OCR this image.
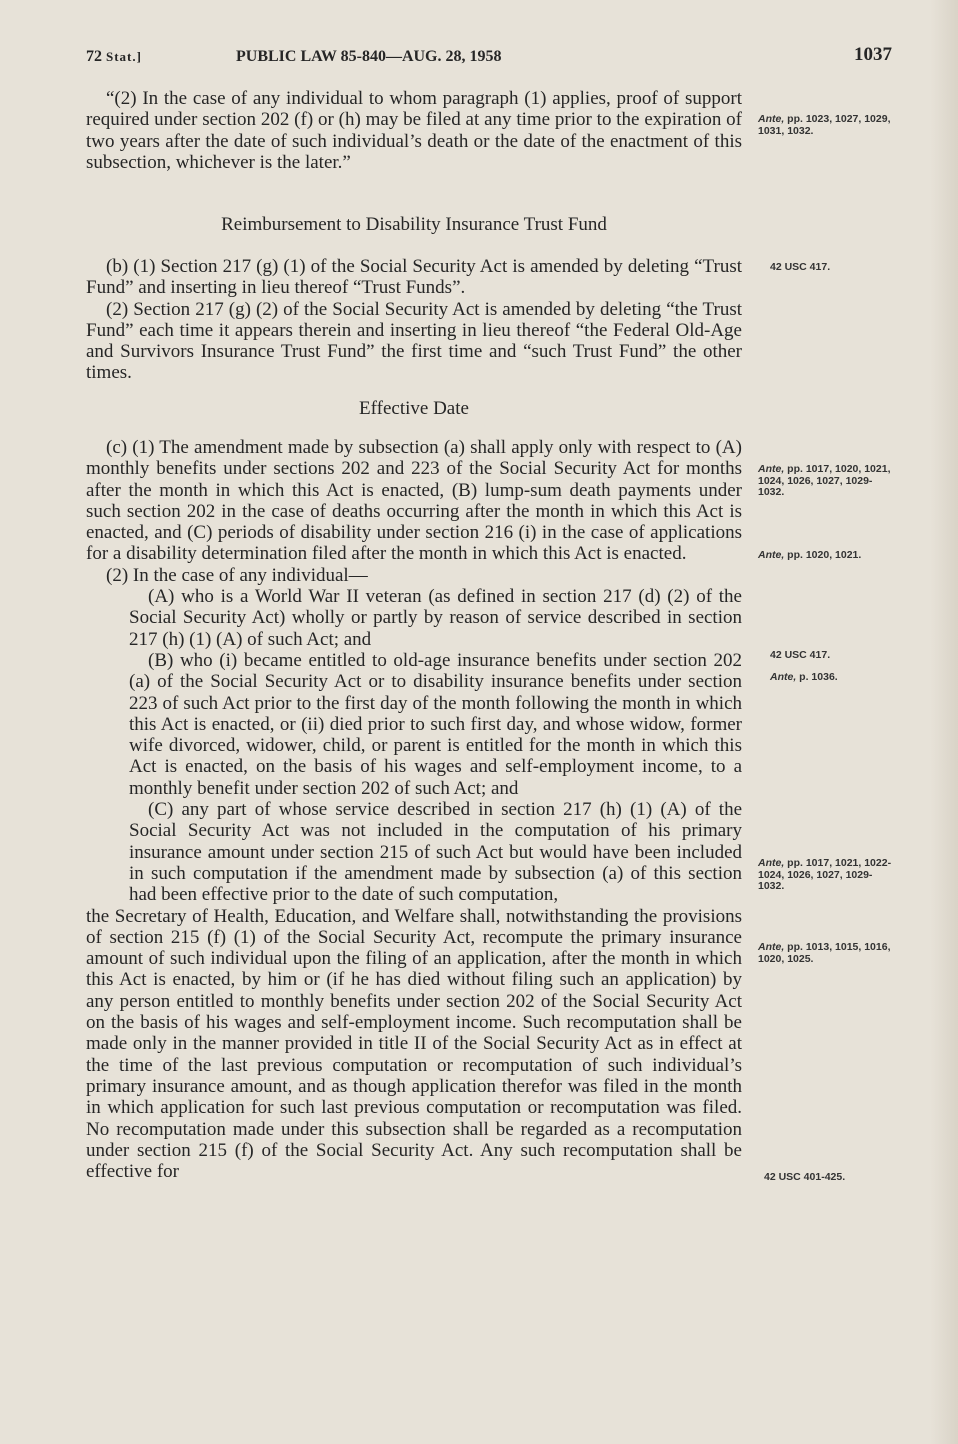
72 Stat.]	PUBLIC LAW 85-840—AUG. 28, 1958	1037

“(2) In the case of any individual to whom paragraph (1) applies, proof of support required under section 202 (f) or (h) may be filed at any time prior to the expiration of two years after the date of such individual’s death or the date of the enactment of this subsection, whichever is the later.”

Reimbursement to Disability Insurance Trust Fund

(b) (1) Section 217 (g) (1) of the Social Security Act is amended by deleting “Trust Fund” and inserting in lieu thereof “Trust Funds”.

(2) Section 217 (g) (2) of the Social Security Act is amended by deleting “the Trust Fund” each time it appears therein and inserting in lieu thereof “the Federal Old-Age and Survivors Insurance Trust Fund” the first time and “such Trust Fund” the other times.

Effective Date

(c) (1) The amendment made by subsection (a) shall apply only with respect to (A) monthly benefits under sections 202 and 223 of the Social Security Act for months after the month in which this Act is enacted, (B) lump-sum death payments under such section 202 in the case of deaths occurring after the month in which this Act is enacted, and (C) periods of disability under section 216 (i) in the case of applications for a disability determination filed after the month in which this Act is enacted.

(2) In the case of any individual—

(A) who is a World War II veteran (as defined in section 217 (d) (2) of the Social Security Act) wholly or partly by reason of service described in section 217 (h) (1) (A) of such Act; and

(B) who (i) became entitled to old-age insurance benefits under section 202 (a) of the Social Security Act or to disability insurance benefits under section 223 of such Act prior to the first day of the month following the month in which this Act is enacted, or (ii) died prior to such first day, and whose widow, former wife divorced, widower, child, or parent is entitled for the month in which this Act is enacted, on the basis of his wages and self-employment income, to a monthly benefit under section 202 of such Act; and

(C) any part of whose service described in section 217 (h) (1) (A) of the Social Security Act was not included in the computation of his primary insurance amount under section 215 of such Act but would have been included in such computation if the amendment made by subsection (a) of this section had been effective prior to the date of such computation,

the Secretary of Health, Education, and Welfare shall, notwithstanding the provisions of section 215 (f) (1) of the Social Security Act, recompute the primary insurance amount of such individual upon the filing of an application, after the month in which this Act is enacted, by him or (if he has died without filing such an application) by any person entitled to monthly benefits under section 202 of the Social Security Act on the basis of his wages and self-employment income. Such recomputation shall be made only in the manner provided in title II of the Social Security Act as in effect at the time of the last previous computation or recomputation of such individual’s primary insurance amount, and as though application therefor was filed in the month in which application for such last previous computation or recomputation was filed. No recomputation made under this subsection shall be regarded as a recomputation under section 215 (f) of the Social Security Act. Any such recomputation shall be effective for

Ante, pp. 1023, 1027, 1029, 1031, 1032.
42 USC 417.
Ante, pp. 1017, 1020, 1021, 1024, 1026, 1027, 1029-1032.
Ante, pp. 1020, 1021.
42 USC 417.
Ante, p. 1036.
Ante, pp. 1017, 1021, 1022-1024, 1026, 1027, 1029-1032.
Ante, pp. 1013, 1015, 1016, 1020, 1025.
42 USC 401-425.
